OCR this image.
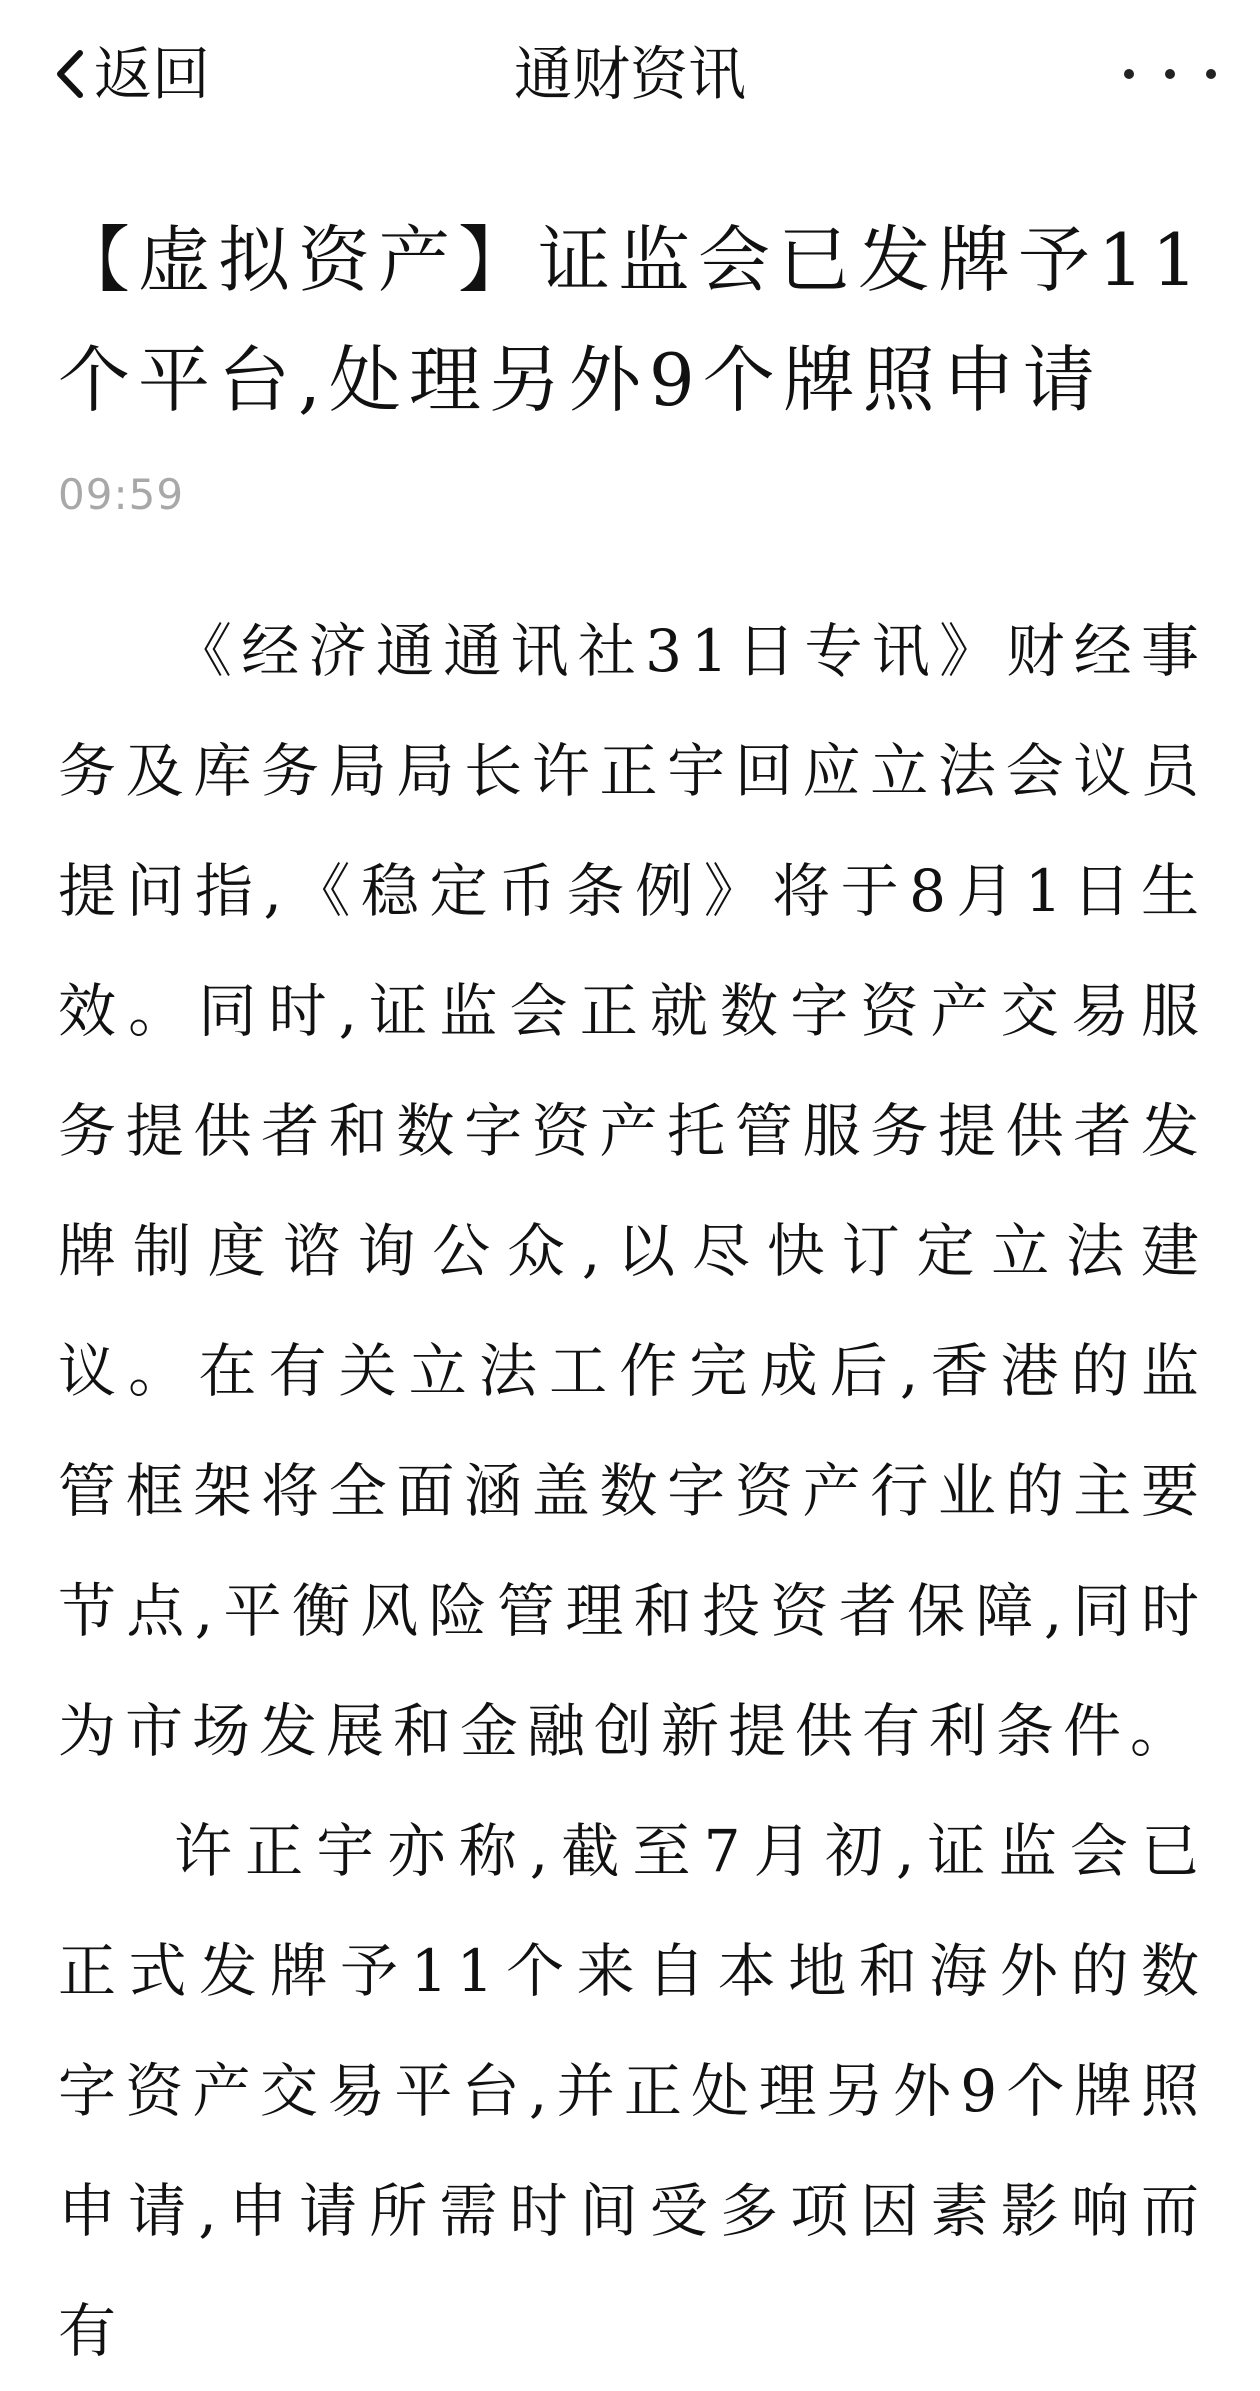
返回	通财资讯
【虚拟资产】证监会已发牌予11个平台,处理另外9个牌照申请
09:59

《经济通通讯社31日专讯》财经事务及库务局局长许正宇回应立法会议员提问指,《稳定币条例》将于8月1日生效。同时,证监会正就数字资产交易服务提供者和数字资产托管服务提供者发牌制度谘询公众,以尽快订定立法建议。在有关立法工作完成后,香港的监管框架将全面涵盖数字资产行业的主要节点,平衡风险管理和投资者保障,同时为市场发展和金融创新提供有利条件。

许正宇亦称,截至7月初,证监会已正式发牌予11个来自本地和海外的数字资产交易平台,并正处理另外9个牌照申请,申请所需时间受多项因素影响而有
